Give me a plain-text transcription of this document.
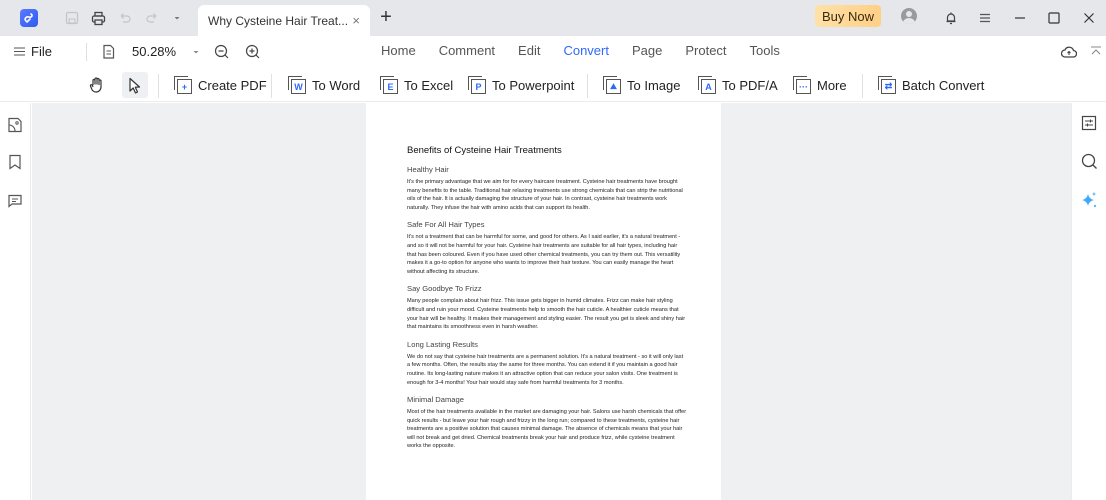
Why Cysteine Hair Treat... × +	Buy Now
File	50.28%	Home	Comment	Edit	Convert	Page	Protect	Tools
+ Create PDF	W To Word	E To Excel	P To Powerpoint	⛰ To Image	A To PDF/A	··· More	⇄ Batch Convert
Benefits of Cysteine Hair Treatments
Healthy Hair

It's the primary advantage that we aim for for every haircare treatment. Cysteine hair treatments have brought many benefits to the table. Traditional hair relaxing treatments use strong chemicals that can strip the nutritional oils of the hair. It is actually damaging the structure of your hair. In contrast, cysteine hair treatments work naturally. They infuse the hair with amino acids that can support its health.

Safe For All Hair Types

It's not a treatment that can be harmful for some, and good for others. As I said earlier, it's a natural treatment - and so it will not be harmful for your hair. Cysteine hair treatments are suitable for all hair types, including hair that has been coloured. Even if you have used other chemical treatments, you can try them out. This versatility makes it a go-to option for anyone who wants to improve their hair texture. You can easily manage the heart without affecting its structure.

Say Goodbye To Frizz

Many people complain about hair frizz. This issue gets bigger in humid climates. Frizz can make hair styling difficult and ruin your mood. Cysteine treatments help to smooth the hair cuticle. A healthier cuticle means that your hair will be healthy. It makes their management and styling easier. The result you get is sleek and shiny hair that maintains its smoothness even in harsh weather.

Long Lasting Results

We do not say that cysteine hair treatments are a permanent solution. It's a natural treatment - so it will only last a few months. Often, the results stay the same for three months. You can extend it if you maintain a good hair routine. Its long-lasting nature makes it an attractive option that can reduce your salon visits. One treatment is enough for 3-4 months! Your hair would stay safe from harmful treatments for 3 months.

Minimal Damage

Most of the hair treatments available in the market are damaging your hair. Salons use harsh chemicals that offer quick results - but leave your hair rough and frizzy in the long run; compared to these treatments, cysteine hair treatments are a positive solution that causes minimal damage. The absence of chemicals means that your hair will not break and get dried. Chemical treatments break your hair and produce frizz, while cysteine treatment works the opposite.
